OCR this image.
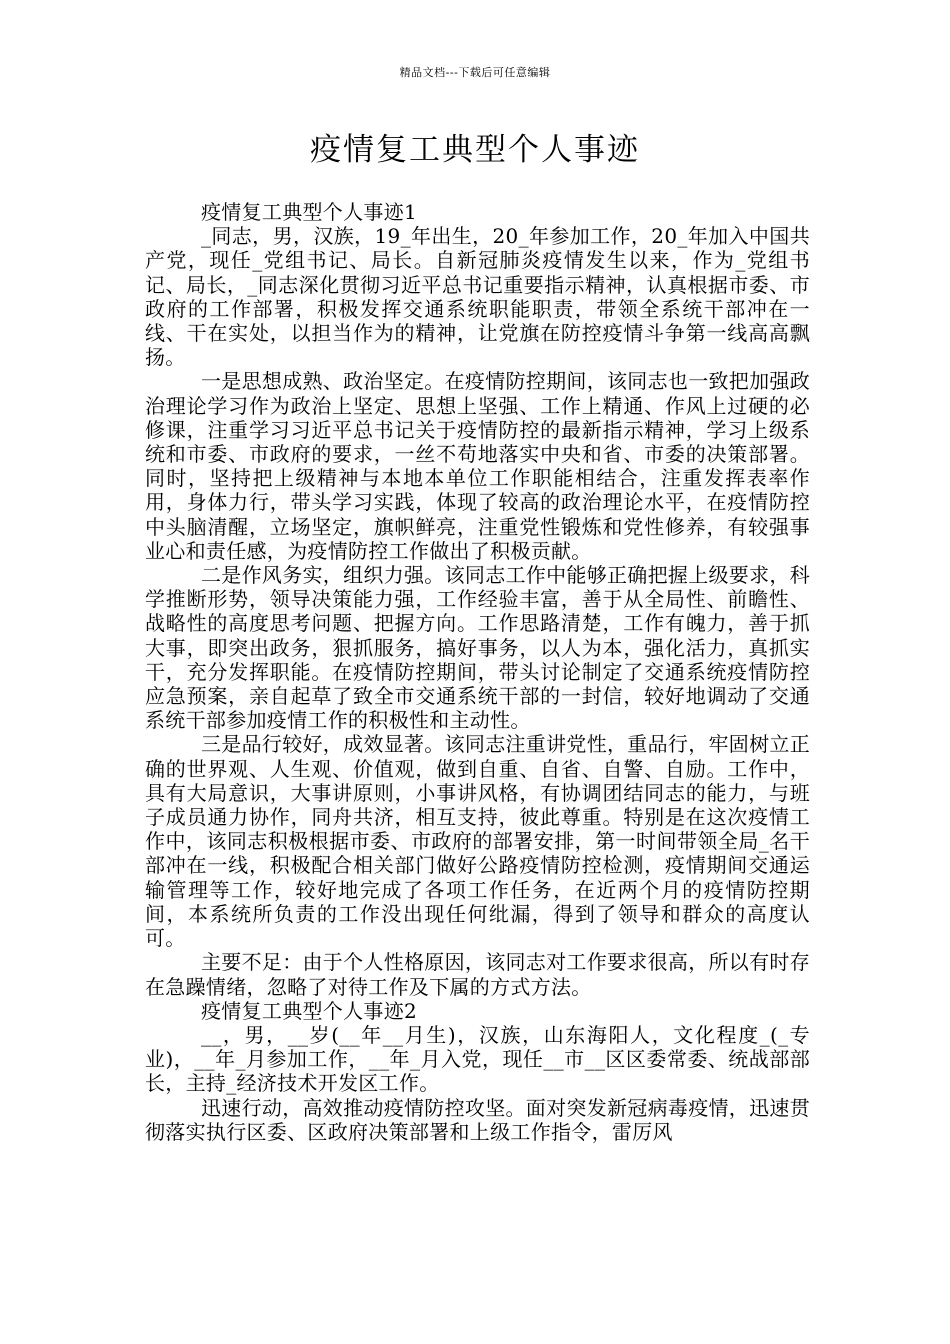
精品文档---下载后可任意编辑
疫情复工典型个人事迹

疫情复工典型个人事迹1

_同志，男，汉族，19_年出生，20_年参加工作，20_年加入中国共产党，现任_党组书记、局长。自新冠肺炎疫情发生以来，作为_党组书记、局长，_同志深化贯彻习近平总书记重要指示精神，认真根据市委、市政府的工作部署，积极发挥交通系统职能职责，带领全系统干部冲在一线、干在实处，以担当作为的精神，让党旗在防控疫情斗争第一线高高飘扬。

一是思想成熟、政治坚定。在疫情防控期间，该同志也一致把加强政治理论学习作为政治上坚定、思想上坚强、工作上精通、作风上过硬的必修课，注重学习习近平总书记关于疫情防控的最新指示精神，学习上级系统和市委、市政府的要求，一丝不苟地落实中央和省、市委的决策部署。同时，坚持把上级精神与本地本单位工作职能相结合，注重发挥表率作用，身体力行，带头学习实践，体现了较高的政治理论水平，在疫情防控中头脑清醒，立场坚定，旗帜鲜亮，注重党性锻炼和党性修养，有较强事业心和责任感，为疫情防控工作做出了积极贡献。

二是作风务实，组织力强。该同志工作中能够正确把握上级要求，科学推断形势，领导决策能力强，工作经验丰富，善于从全局性、前瞻性、战略性的高度思考问题、把握方向。工作思路清楚，工作有魄力，善于抓大事，即突出政务，狠抓服务，搞好事务，以人为本，强化活力，真抓实干，充分发挥职能。在疫情防控期间，带头讨论制定了交通系统疫情防控应急预案，亲自起草了致全市交通系统干部的一封信，较好地调动了交通系统干部参加疫情工作的积极性和主动性。

三是品行较好，成效显著。该同志注重讲党性，重品行，牢固树立正确的世界观、人生观、价值观，做到自重、自省、自警、自励。工作中，具有大局意识，大事讲原则，小事讲风格，有协调团结同志的能力，与班子成员通力协作，同舟共济，相互支持，彼此尊重。特别是在这次疫情工作中，该同志积极根据市委、市政府的部署安排，第一时间带领全局_名干部冲在一线，积极配合相关部门做好公路疫情防控检测，疫情期间交通运输管理等工作，较好地完成了各项工作任务，在近两个月的疫情防控期间，本系统所负责的工作没出现任何纰漏，得到了领导和群众的高度认可。

主要不足：由于个人性格原因，该同志对工作要求很高，所以有时存在急躁情绪，忽略了对待工作及下属的方式方法。

疫情复工典型个人事迹2

__，男，__岁(__年__月生)，汉族，山东海阳人，文化程度_(_专业)，__年_月参加工作，__年_月入党，现任__市__区区委常委、统战部部长，主持_经济技术开发区工作。

迅速行动，高效推动疫情防控攻坚。面对突发新冠病毒疫情，迅速贯彻落实执行区委、区政府决策部署和上级工作指令，雷厉风
